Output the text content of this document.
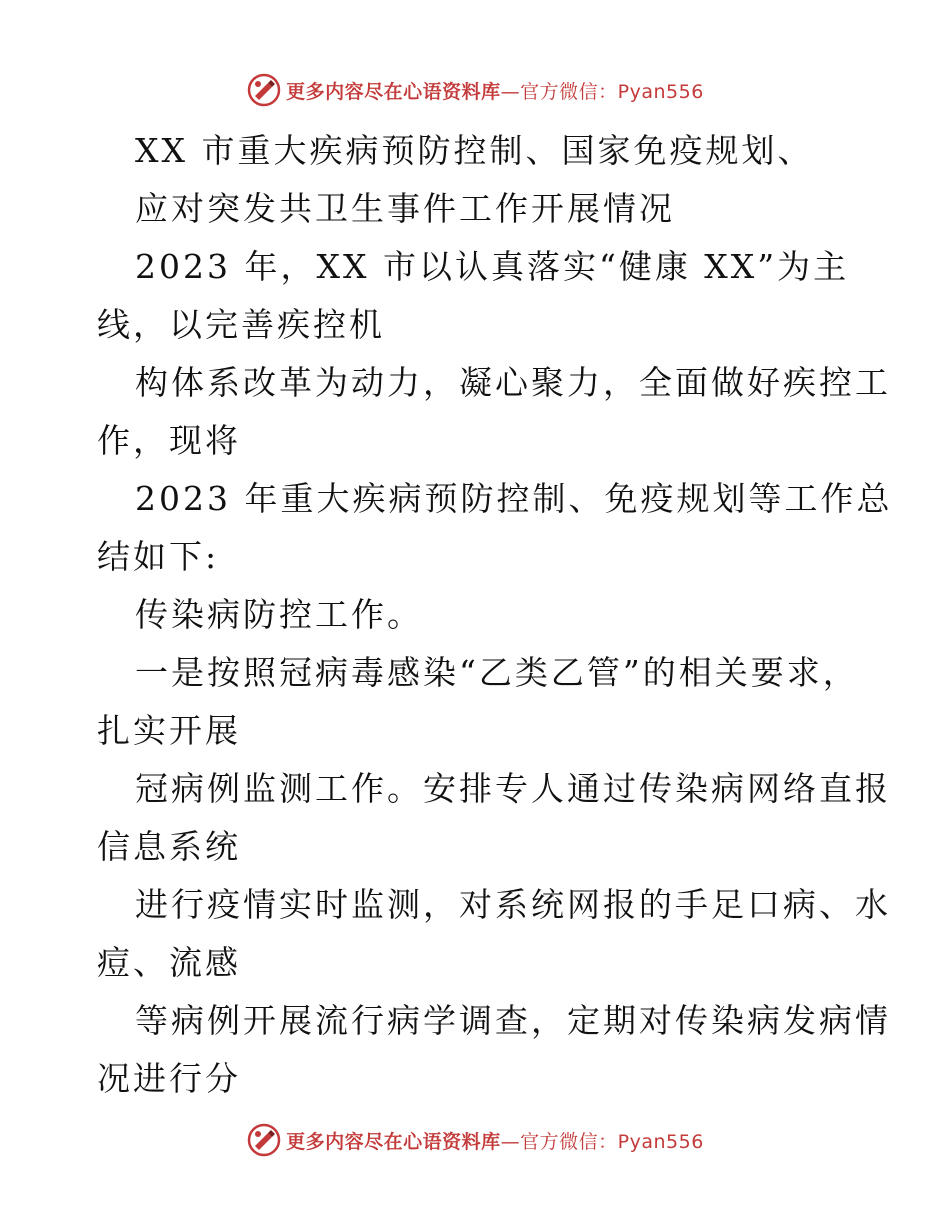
更多内容尽在心语资料库—官方微信：Pyan556
XX 市重大疾病预防控制、国家免疫规划、
应对突发共卫生事件工作开展情况
2023 年，XX 市以认真落实“健康 XX”为主
线，以完善疾控机
构体系改革为动力，凝心聚力，全面做好疾控工
作，现将
2023 年重大疾病预防控制、免疫规划等工作总
结如下:
传染病防控工作。
一是按照冠病毒感染“乙类乙管”的相关要求，
扎实开展
冠病例监测工作。安排专人通过传染病网络直报
信息系统
进行疫情实时监测，对系统网报的手足口病、水
痘、流感
等病例开展流行病学调查，定期对传染病发病情
况进行分
更多内容尽在心语资料库—官方微信：Pyan556
